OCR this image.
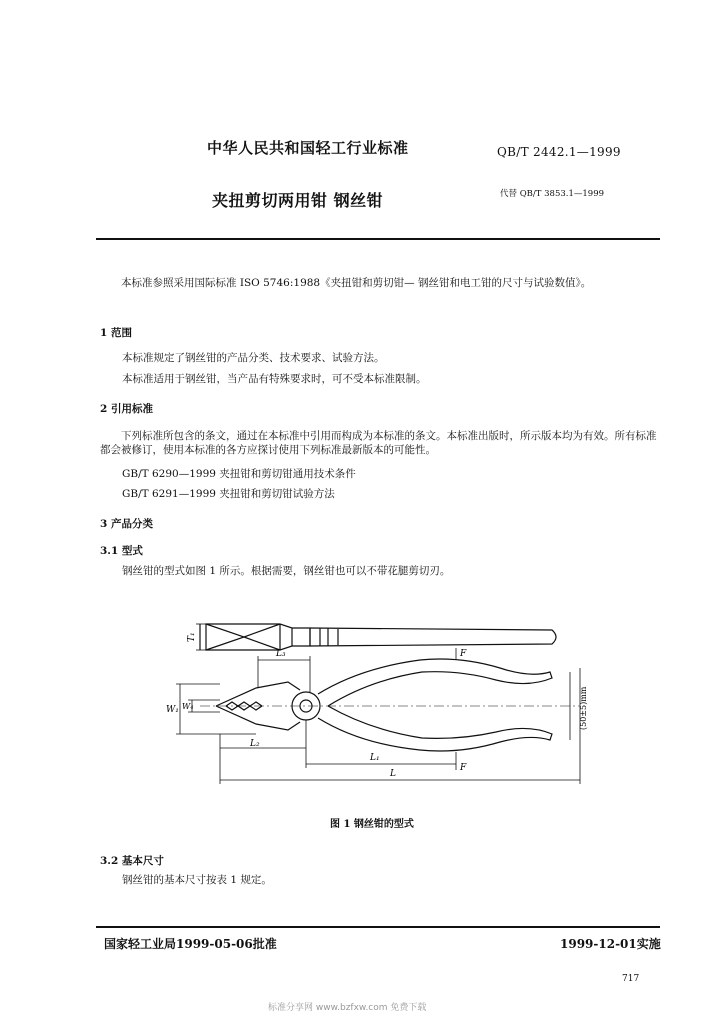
中华人民共和国轻工行业标准	QB/T 2442.1—1999
夹扭剪切两用钳 钢丝钳	代替 QB/T 3853.1—1999
本标准参照采用国际标准 ISO 5746:1988《夹扭钳和剪切钳— 钢丝钳和电工钳的尺寸与试验数值》。
1 范围
本标准规定了钢丝钳的产品分类、技术要求、试验方法。
本标准适用于钢丝钳，当产品有特殊要求时，可不受本标准限制。
2 引用标准
下列标准所包含的条文，通过在本标准中引用而构成为本标准的条文。本标准出版时，所示版本均为有效。所有标准都会被修订，使用本标准的各方应探讨使用下列标准最新版本的可能性。
GB/T 6290—1999 夹扭钳和剪切钳通用技术条件
GB/T 6291—1999 夹扭钳和剪切钳试验方法
3 产品分类
3.1 型式
钢丝钳的型式如图 1 所示。根据需要，钢丝钳也可以不带花腿剪切刃。
T₁
L₃	F
W₁ W₄
L₂
L₁
F
L
(50±5)mm
图 1 钢丝钳的型式
3.2 基本尺寸
钢丝钳的基本尺寸按表 1 规定。
国家轻工业局1999-05-06批准	1999-12-01实施
717
标准分享网 www.bzfxw.com 免费下载
